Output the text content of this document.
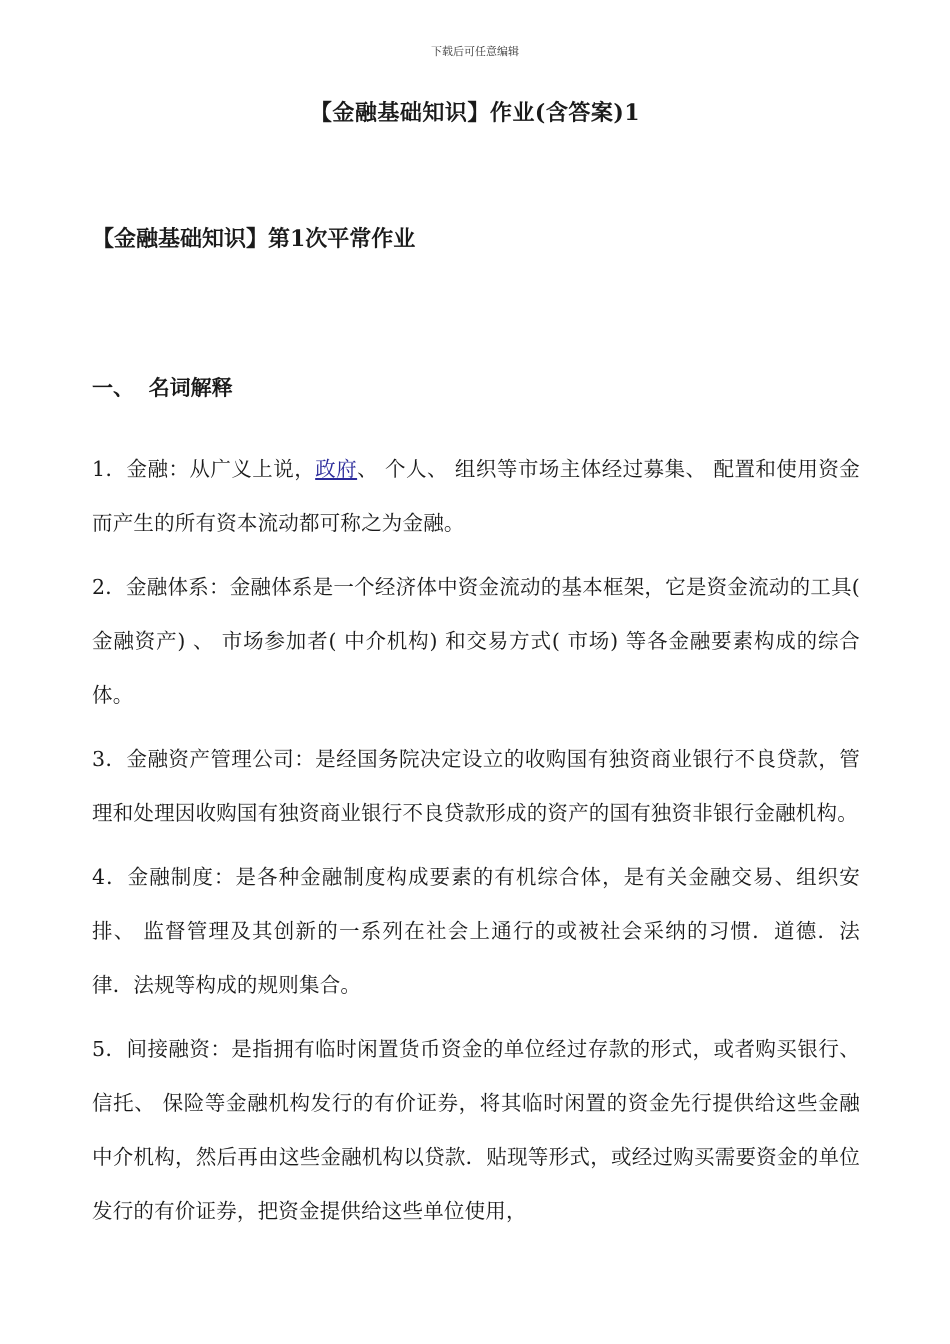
下载后可任意编辑
【金融基础知识】作业(含答案)1
【金融基础知识】第1次平常作业
一、  名词解释
1．金融：从广义上说，政府、 个人、 组织等市场主体经过募集、 配置和使用资金而产生的所有资本流动都可称之为金融。
2．金融体系：金融体系是一个经济体中资金流动的基本框架，它是资金流动的工具( 金融资产) 、 市场参加者( 中介机构) 和交易方式( 市场) 等各金融要素构成的综合体。
3．金融资产管理公司：是经国务院决定设立的收购国有独资商业银行不良贷款，管理和处理因收购国有独资商业银行不良贷款形成的资产的国有独资非银行金融机构。
4．金融制度：是各种金融制度构成要素的有机综合体，是有关金融交易、组织安排、 监督管理及其创新的一系列在社会上通行的或被社会采纳的习惯．道德．法律．法规等构成的规则集合。
5．间接融资：是指拥有临时闲置货币资金的单位经过存款的形式，或者购买银行、 信托、 保险等金融机构发行的有价证券，将其临时闲置的资金先行提供给这些金融中介机构，然后再由这些金融机构以贷款．贴现等形式，或经过购买需要资金的单位发行的有价证券，把资金提供给这些单位使用，
